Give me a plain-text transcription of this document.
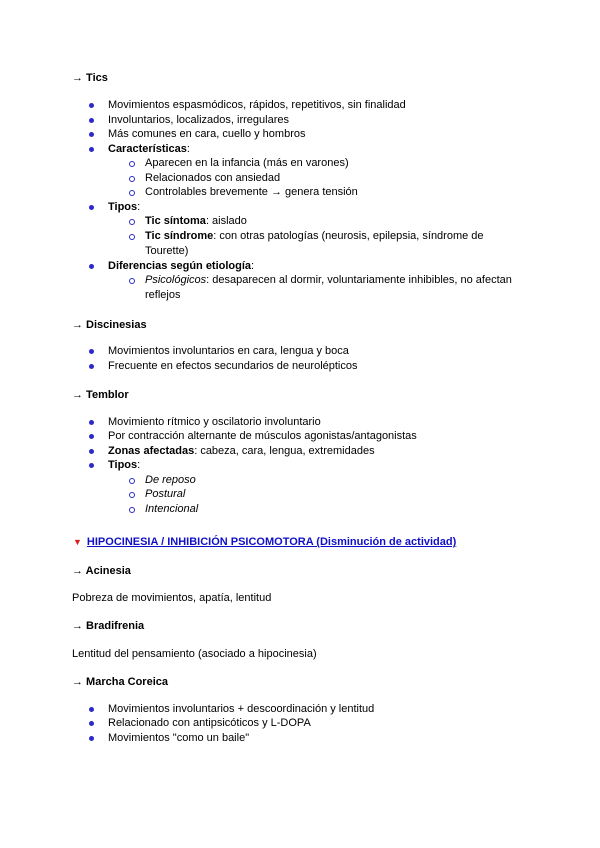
→ Tics
Movimientos espasmódicos, rápidos, repetitivos, sin finalidad
Involuntarios, localizados, irregulares
Más comunes en cara, cuello y hombros
Características:
Aparecen en la infancia (más en varones)
Relacionados con ansiedad
Controlables brevemente → genera tensión
Tipos:
Tic síntoma: aislado
Tic síndrome: con otras patologías (neurosis, epilepsia, síndrome de
Tourette)
Diferencias según etiología:
Psicológicos: desaparecen al dormir, voluntariamente inhibibles, no afectan
reflejos
→ Discinesias
Movimientos involuntarios en cara, lengua y boca
Frecuente en efectos secundarios de neurolépticos
→ Temblor
Movimiento rítmico y oscilatorio involuntario
Por contracción alternante de músculos agonistas/antagonistas
Zonas afectadas: cabeza, cara, lengua, extremidades
Tipos:
De reposo
Postural
Intencional
▼ HIPOCINESIA / INHIBICIÓN PSICOMOTORA (Disminución de actividad)
→ Acinesia
Pobreza de movimientos, apatía, lentitud
→ Bradifrenia
Lentitud del pensamiento (asociado a hipocinesia)
→ Marcha Coreica
Movimientos involuntarios + descoordinación y lentitud
Relacionado con antipsicóticos y L-DOPA
Movimientos "como un baile"
